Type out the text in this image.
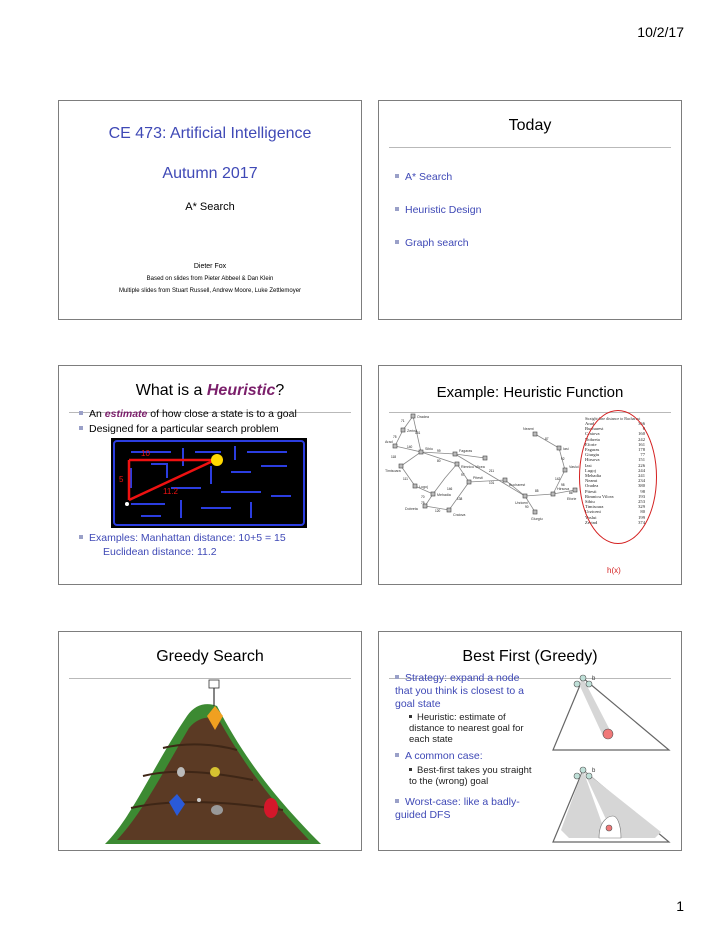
10/2/17
CE 473: Artificial Intelligence
Autumn 2017
A* Search
Dieter Fox
Based on slides from Pieter Abbeel & Dan Klein
Multiple slides from Stuart Russell, Andrew Moore, Luke Zettlemoyer
Today
A* Search
Heuristic Design
Graph search
What is a Heuristic?
An estimate of how close a state is to a goal
Designed for a particular search problem
10
5
11.2
Examples: Manhattan distance: 10+5 = 15
Euclidean distance: 11.2
Example: Heuristic Function
Oradea
Zerind
Arad
Sibiu	Fagaras
Rimnicu Vilcea
Timisoara
Lugoj
Mehadia
Dobreta
Craiova
Pitesti
Bucharest
Giurgiu
Urziceni
Hirsova
Eforie
Vaslui
Iasi
Neamt
71
151
75
140
99
118
80
111
70
75
120
146
97
138
101
211
90
85
98
86
142
92
87
Straight-line distance to Bucharest
Arad	366
Bucharest	0
Craiova	160
Dobreta	242
Eforie	161
Fagaras	178
Giurgiu	77
Hirsova	151
Iasi	226
Lugoj	244
Mehadia	241
Neamt	234
Oradea	380
Pitesti	98
Rimnicu Vilcea	193
Sibiu	253
Timisoara	329
Urziceni	80
Vaslui	199
Zerind	374
h(x)
Greedy Search	Best First (Greedy)
Strategy: expand a node that you think is closest to a goal state
Heuristic: estimate of distance to nearest goal for each state
A common case:
Best-first takes you straight to the (wrong) goal
Worst-case: like a badly-guided DFS
b
b
1
